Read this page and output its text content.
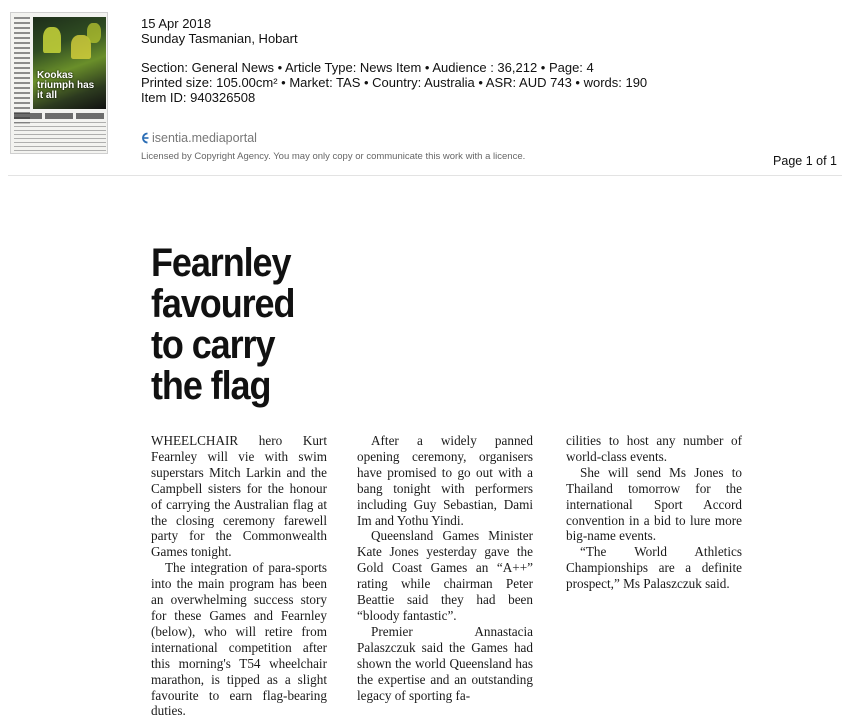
Kookas triumph has it all
15 Apr 2018
Sunday Tasmanian, Hobart
Section: General News • Article Type: News Item • Audience : 36,212 • Page: 4
Printed size: 105.00cm² • Market: TAS • Country: Australia • ASR: AUD 743 • words: 190
Item ID: 940326508
isentia.mediaportal
Licensed by Copyright Agency. You may only copy or communicate this work with a licence.	Page 1 of 1
Fearnley favoured to carry the flag

WHEELCHAIR hero Kurt Fearnley will vie with swim superstars Mitch Larkin and the Campbell sisters for the honour of carrying the Australian flag at the closing ceremony farewell party for the Commonwealth Games tonight.

The integration of para-sports into the main program has been an overwhelming success story for these Games and Fearnley (below), who will retire from international competition after this morning's T54 wheelchair marathon, is tipped as a slight favourite to earn flag-bearing duties.

After a widely panned opening ceremony, organisers have promised to go out with a bang tonight with performers including Guy Sebastian, Dami Im and Yothu Yindi.

Queensland Games Minister Kate Jones yesterday gave the Gold Coast Games an “A++” rating while chairman Peter Beattie said they had been “bloody fantastic”.

Premier Annastacia Palaszczuk said the Games had shown the world Queensland has the expertise and an outstanding legacy of sporting fa-

cilities to host any number of world-class events.

She will send Ms Jones to Thailand tomorrow for the international Sport Accord convention in a bid to lure more big-name events.

“The World Athletics Championships are a definite prospect,” Ms Palaszczuk said.
